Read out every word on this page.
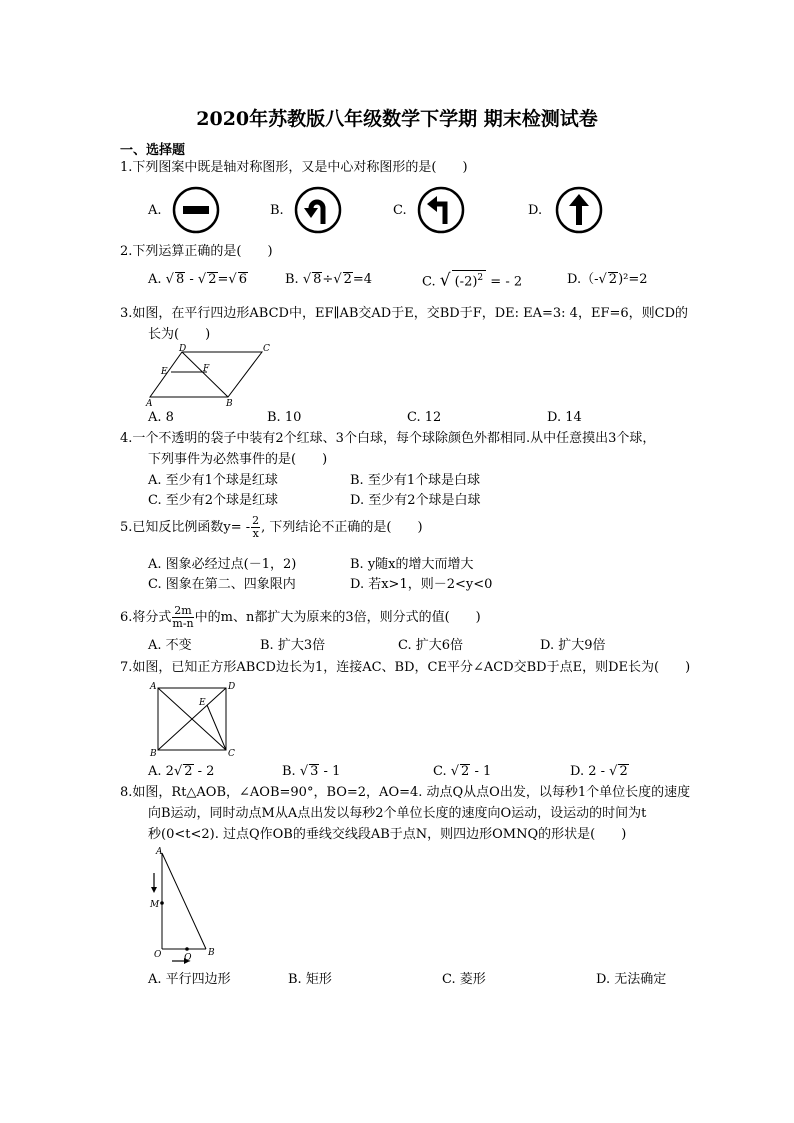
2020年苏教版八年级数学下学期 期末检测试卷
一、选择题
1.下列图案中既是轴对称图形，又是中心对称图形的是(　　)
A.	B.	C.	D.
2.下列运算正确的是(　　)
A. √ 8 - √ 2=√ 6	B. √ 8÷√ 2=4	C. √ $(-2)^2$ = - 2	D.（-√ 2)²=2
3.如图，在平行四边形ABCD中，EF∥AB交AD于E，交BD于F，DE: EA=3: 4，EF=6，则CD的
长为(　　)
D	C
E	F
A	B
A. 8	B. 10	C. 12	D. 14
4.一个不透明的袋子中装有2个红球、3个白球，每个球除颜色外都相同.从中任意摸出3个球，
下列事件为必然事件的是(　　)
A. 至少有1个球是红球	B. 至少有1个球是白球
C. 至少有2个球是红球	D. 至少有2个球是白球
5.已知反比例函数$y= - \frac{2}{x}$ , 下列结论不正确的是(　　)
A. 图象必经过点(－1，2)	B. y随x的增大而增大
C. 图象在第二、四象限内	D. 若x>1，则－2<y<0
6.将分式 $\frac{2m}{m-n}$ 中的m、n都扩大为原来的3倍，则分式的值(　　)
A. 不变	B. 扩大3倍	C. 扩大6倍	D. 扩大9倍
7.如图，已知正方形ABCD边长为1，连接AC、BD，CE平分∠ACD交BD于点E，则DE长为(　　)
A	D
E
B	C
A. 2√ 2 - 2	B. √ 3 - 1	C. √ 2 - 1	D. 2 - √ 2
8.如图，Rt△AOB，∠AOB=90°，BO=2，AO=4. 动点Q从点O出发，以每秒1个单位长度的速度
向B运动，同时动点M从A点出发以每秒2个单位长度的速度向O运动，设运动的时间为t
秒(0<t<2). 过点Q作OB的垂线交线段AB于点N，则四边形OMNQ的形状是(　　)
A
M
O	Q B
A. 平行四边形	B. 矩形	C. 菱形	D. 无法确定
